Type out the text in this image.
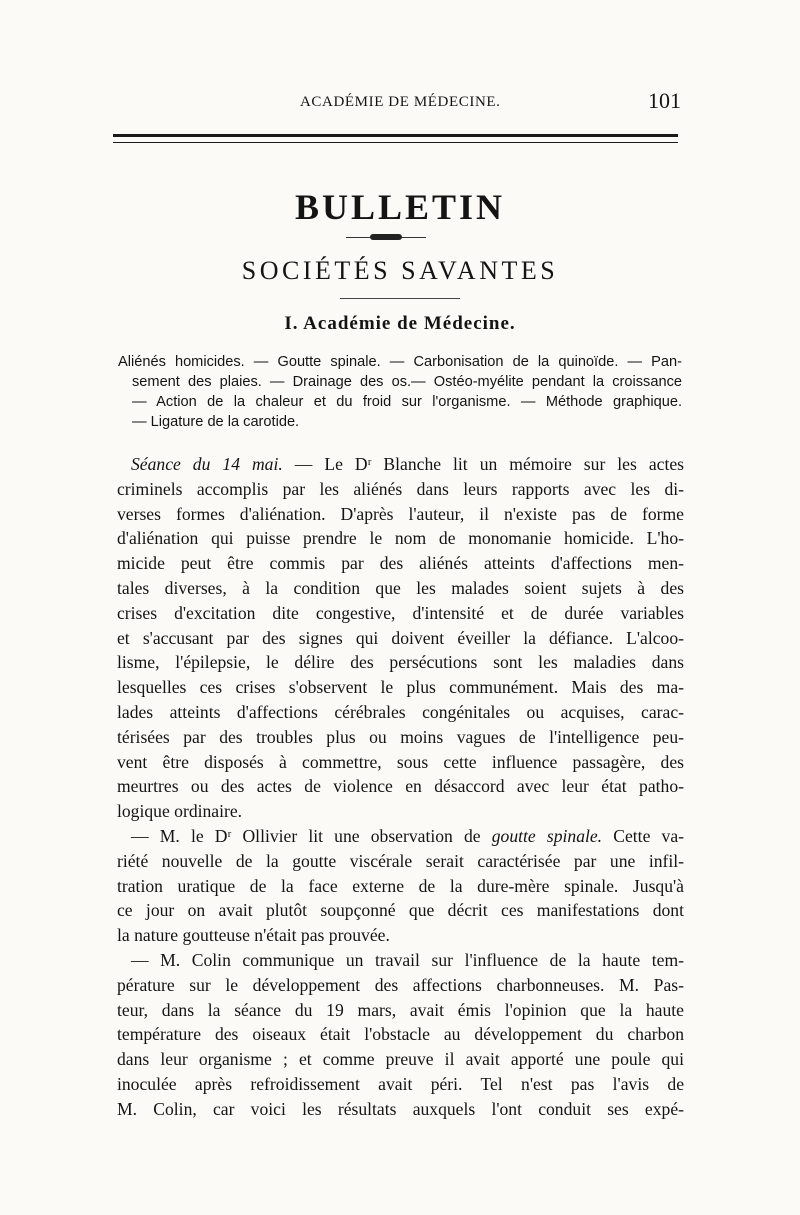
ACADÉMIE DE MÉDECINE.	101
BULLETIN
SOCIÉTÉS SAVANTES
I. Académie de Médecine.
Aliénés homicides. — Goutte spinale. — Carbonisation de la quinoïde. — Pan-
sement des plaies. — Drainage des os.— Ostéo-myélite pendant la croissance
— Action de la chaleur et du froid sur l'organisme. — Méthode graphique.
— Ligature de la carotide.
Séance du 14 mai. — Le Dʳ Blanche lit un mémoire sur les actes
criminels accomplis par les aliénés dans leurs rapports avec les di-
verses formes d'aliénation. D'après l'auteur, il n'existe pas de forme
d'aliénation qui puisse prendre le nom de monomanie homicide. L'ho-
micide peut être commis par des aliénés atteints d'affections men-
tales diverses, à la condition que les malades soient sujets à des
crises d'excitation dite congestive, d'intensité et de durée variables
et s'accusant par des signes qui doivent éveiller la défiance. L'alcoo-
lisme, l'épilepsie, le délire des persécutions sont les maladies dans
lesquelles ces crises s'observent le plus communément. Mais des ma-
lades atteints d'affections cérébrales congénitales ou acquises, carac-
térisées par des troubles plus ou moins vagues de l'intelligence peu-
vent être disposés à commettre, sous cette influence passagère, des
meurtres ou des actes de violence en désaccord avec leur état patho-
logique ordinaire.
— M. le Dʳ Ollivier lit une observation de goutte spinale. Cette va-
riété nouvelle de la goutte viscérale serait caractérisée par une infil-
tration uratique de la face externe de la dure-mère spinale. Jusqu'à
ce jour on avait plutôt soupçonné que décrit ces manifestations dont
la nature goutteuse n'était pas prouvée.
— M. Colin communique un travail sur l'influence de la haute tem-
pérature sur le développement des affections charbonneuses. M. Pas-
teur, dans la séance du 19 mars, avait émis l'opinion que la haute
température des oiseaux était l'obstacle au développement du charbon
dans leur organisme ; et comme preuve il avait apporté une poule qui
inoculée après refroidissement avait péri. Tel n'est pas l'avis de
M. Colin, car voici les résultats auxquels l'ont conduit ses expé-
